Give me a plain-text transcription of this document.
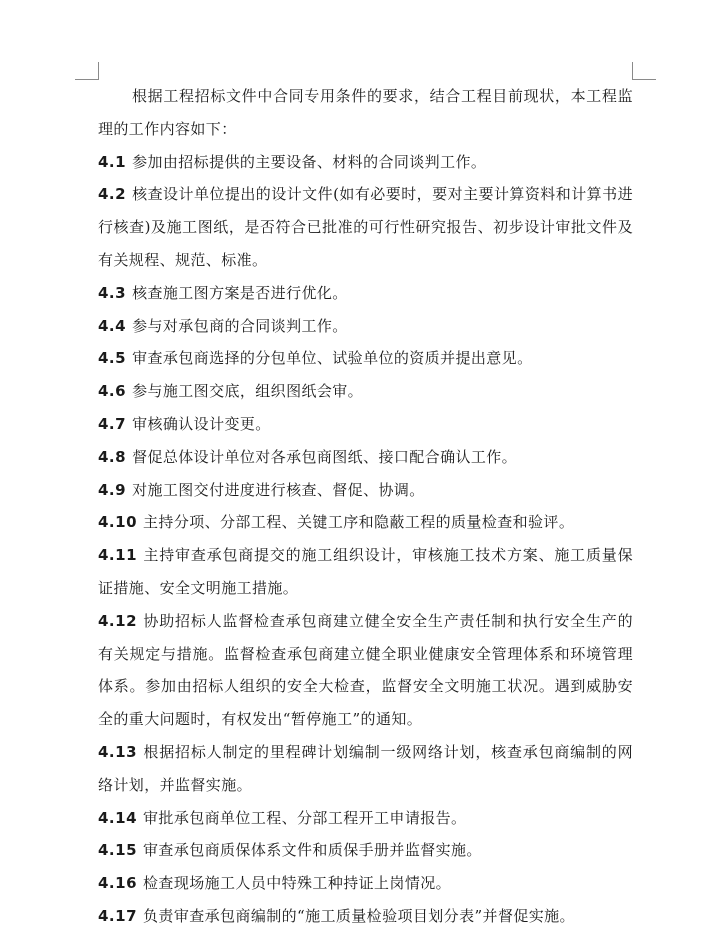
根据工程招标文件中合同专用条件的要求，结合工程目前现状，本工程监理的工作内容如下：

4.1 参加由招标提供的主要设备、材料的合同谈判工作。

4.2 核查设计单位提出的设计文件(如有必要时，要对主要计算资料和计算书进行核查)及施工图纸，是否符合已批准的可行性研究报告、初步设计审批文件及有关规程、规范、标准。

4.3 核查施工图方案是否进行优化。

4.4 参与对承包商的合同谈判工作。

4.5 审查承包商选择的分包单位、试验单位的资质并提出意见。

4.6 参与施工图交底，组织图纸会审。

4.7 审核确认设计变更。

4.8 督促总体设计单位对各承包商图纸、接口配合确认工作。

4.9 对施工图交付进度进行核查、督促、协调。

4.10 主持分项、分部工程、关键工序和隐蔽工程的质量检查和验评。

4.11 主持审查承包商提交的施工组织设计，审核施工技术方案、施工质量保证措施、安全文明施工措施。

4.12 协助招标人监督检查承包商建立健全安全生产责任制和执行安全生产的有关规定与措施。监督检查承包商建立健全职业健康安全管理体系和环境管理体系。参加由招标人组织的安全大检查，监督安全文明施工状况。遇到威胁安全的重大问题时，有权发出“暂停施工”的通知。

4.13 根据招标人制定的里程碑计划编制一级网络计划，核查承包商编制的网络计划，并监督实施。

4.14 审批承包商单位工程、分部工程开工申请报告。

4.15 审查承包商质保体系文件和质保手册并监督实施。

4.16 检查现场施工人员中特殊工种持证上岗情况。

4.17 负责审查承包商编制的“施工质量检验项目划分表”并督促实施。
